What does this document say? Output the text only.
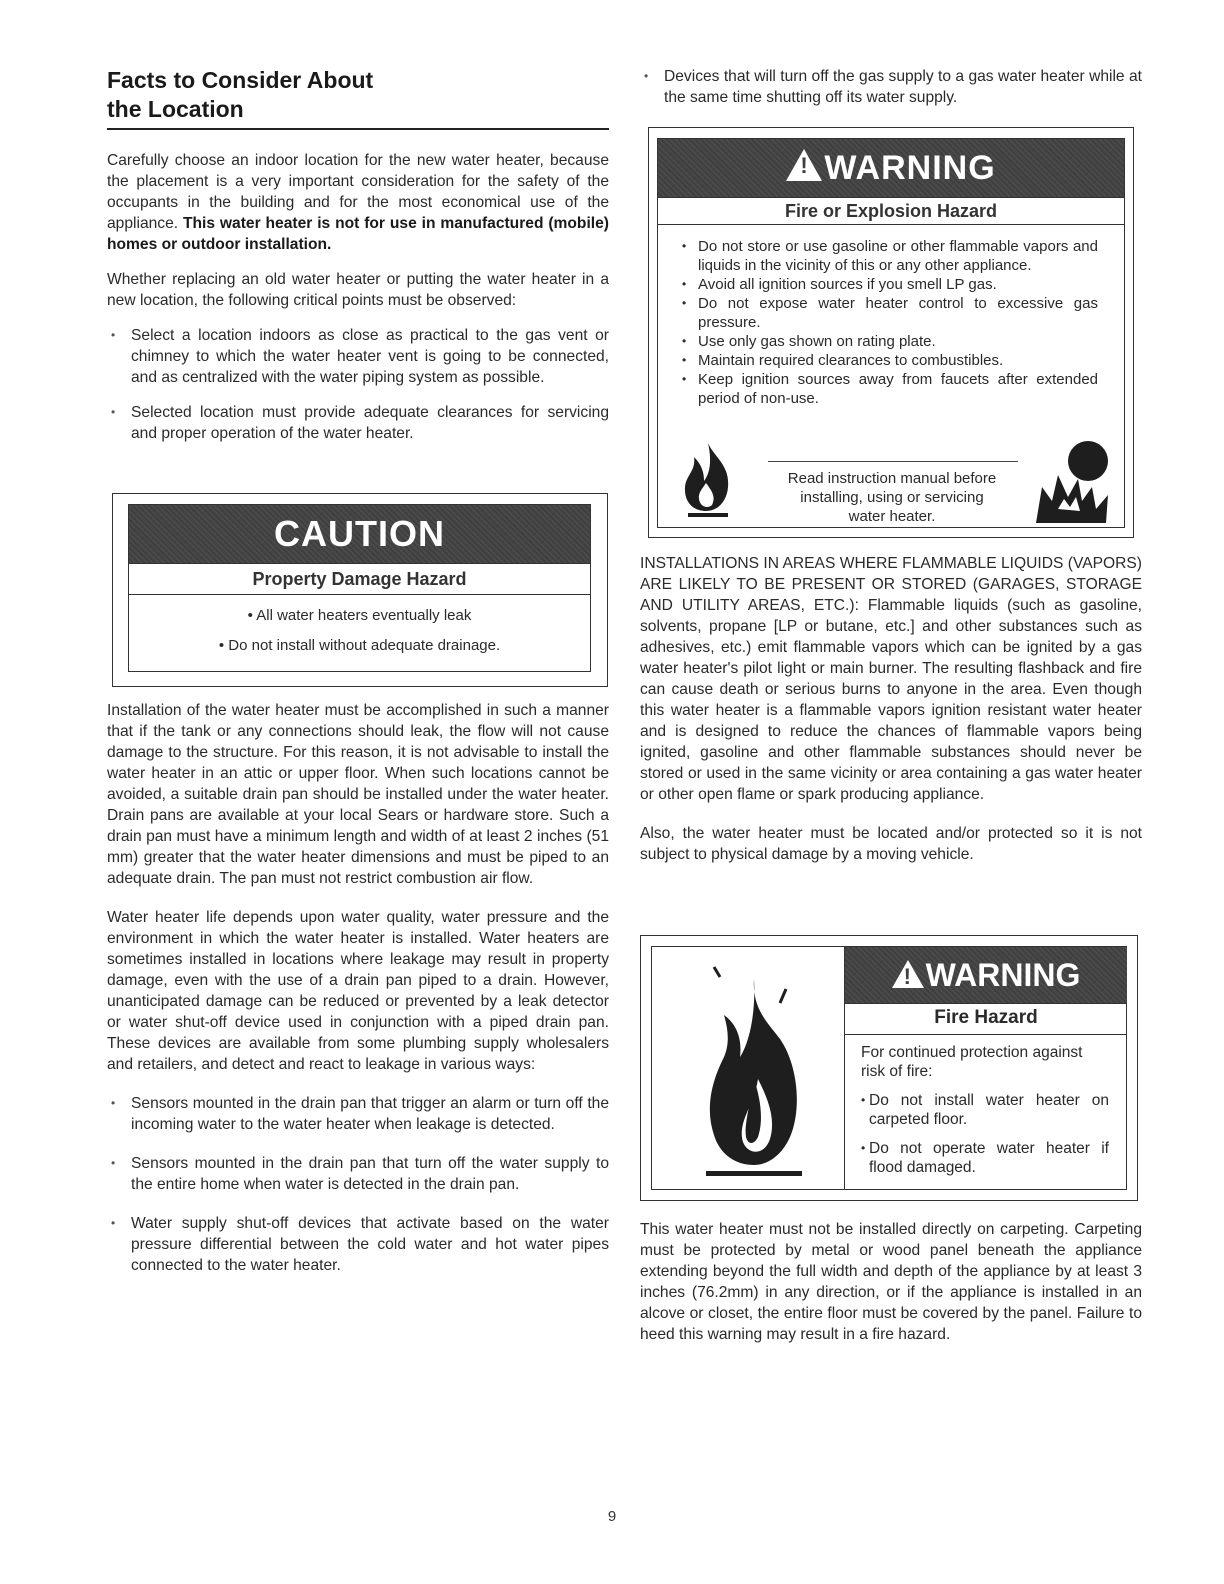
Facts to Consider About
the Location

Carefully choose an indoor location for the new water heater, because the placement is a very important consideration for the safety of the occupants in the building and for the most economical use of the appliance. This water heater is not for use in manufactured (mobile) homes or outdoor installation.

Whether replacing an old water heater or putting the water heater in a new location, the following critical points must be observed:

• Select a location indoors as close as practical to the gas vent or chimney to which the water heater vent is going to be connected, and as centralized with the water piping system as possible.
• Selected location must provide adequate clearances for servicing and proper operation of the water heater.
CAUTION
Property Damage Hazard
• All water heaters eventually leak
• Do not install without adequate drainage.

Installation of the water heater must be accomplished in such a manner that if the tank or any connections should leak, the flow will not cause damage to the structure. For this reason, it is not advisable to install the water heater in an attic or upper floor. When such locations cannot be avoided, a suitable drain pan should be installed under the water heater. Drain pans are available at your local Sears or hardware store. Such a drain pan must have a minimum length and width of at least 2 inches (51 mm) greater that the water heater dimensions and must be piped to an adequate drain. The pan must not restrict combustion air flow.

Water heater life depends upon water quality, water pressure and the environment in which the water heater is installed. Water heaters are sometimes installed in locations where leakage may result in property damage, even with the use of a drain pan piped to a drain. However, unanticipated damage can be reduced or prevented by a leak detector or water shut-off device used in conjunction with a piped drain pan. These devices are available from some plumbing supply wholesalers and retailers, and detect and react to leakage in various ways:

• Sensors mounted in the drain pan that trigger an alarm or turn off the incoming water to the water heater when leakage is detected.
• Sensors mounted in the drain pan that turn off the water supply to the entire home when water is detected in the drain pan.
• Water supply shut-off devices that activate based on the water pressure differential between the cold water and hot water pipes connected to the water heater.
• Devices that will turn off the gas supply to a gas water heater while at the same time shutting off its water supply.
! WARNING
Fire or Explosion Hazard
• Do not store or use gasoline or other flammable vapors and liquids in the vicinity of this or any other appliance.
• Avoid all ignition sources if you smell LP gas.
• Do not expose water heater control to excessive gas pressure.
• Use only gas shown on rating plate.
• Maintain required clearances to combustibles.
• Keep ignition sources away from faucets after extended period of non-use.
Read instruction manual before
installing, using or servicing
water heater.

INSTALLATIONS IN AREAS WHERE FLAMMABLE LIQUIDS (VAPORS) ARE LIKELY TO BE PRESENT OR STORED (GARAGES, STORAGE AND UTILITY AREAS, ETC.): Flammable liquids (such as gasoline, solvents, propane [LP or butane, etc.] and other substances such as adhesives, etc.) emit flammable vapors which can be ignited by a gas water heater's pilot light or main burner. The resulting flashback and fire can cause death or serious burns to anyone in the area. Even though this water heater is a flammable vapors ignition resistant water heater and is designed to reduce the chances of flammable vapors being ignited, gasoline and other flammable substances should never be stored or used in the same vicinity or area containing a gas water heater or other open flame or spark producing appliance.

Also, the water heater must be located and/or protected so it is not subject to physical damage by a moving vehicle.

! WARNING
Fire Hazard
For continued protection against risk of fire:
• Do not install water heater on carpeted floor.
• Do not operate water heater if flood damaged.

This water heater must not be installed directly on carpeting. Carpeting must be protected by metal or wood panel beneath the appliance extending beyond the full width and depth of the appliance by at least 3 inches (76.2mm) in any direction, or if the appliance is installed in an alcove or closet, the entire floor must be covered by the panel. Failure to heed this warning may result in a fire hazard.

9
